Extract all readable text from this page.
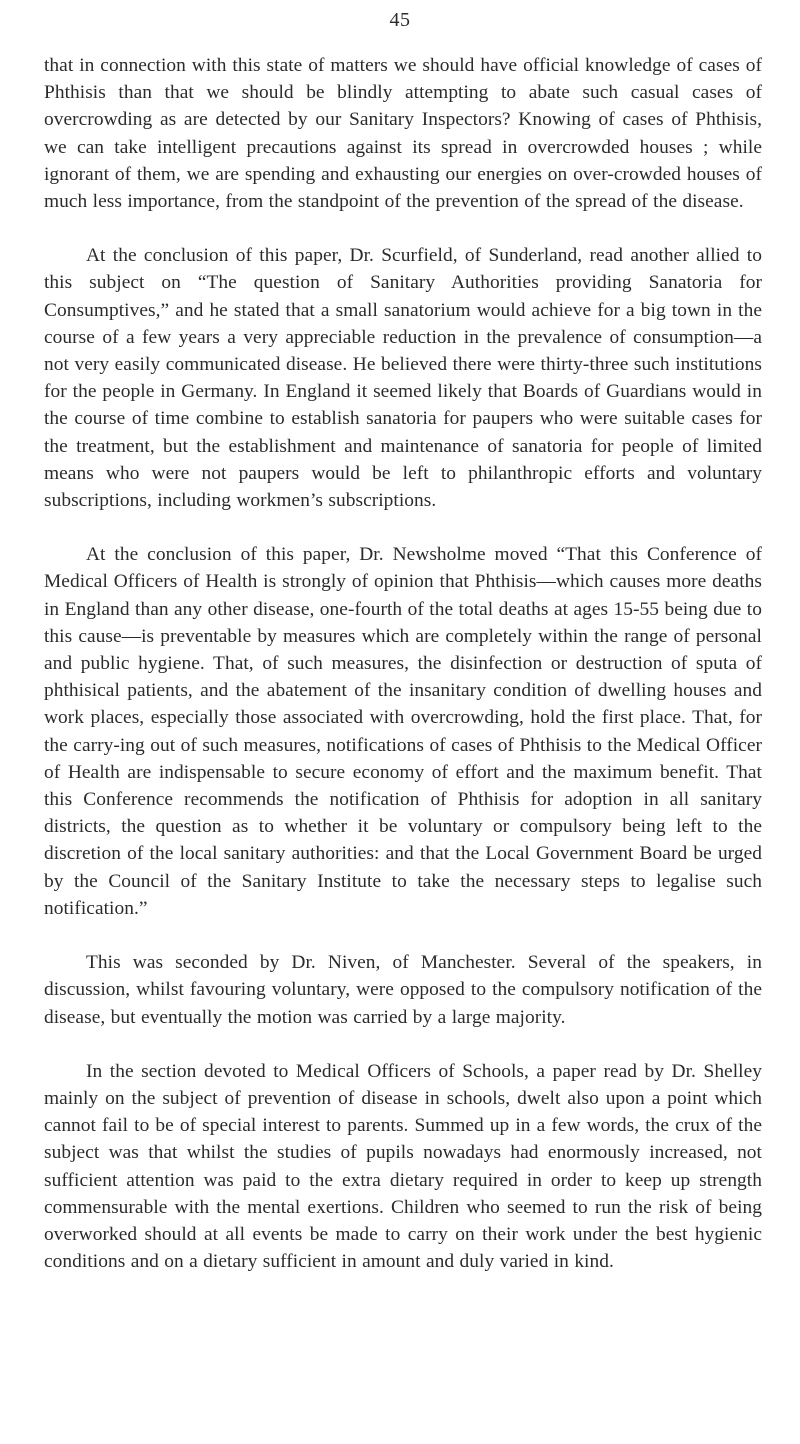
45

that in connection with this state of matters we should have official knowledge of cases of Phthisis than that we should be blindly attempting to abate such casual cases of overcrowding as are detected by our Sanitary Inspectors? Knowing of cases of Phthisis, we can take intelligent precautions against its spread in overcrowded houses ; while ignorant of them, we are spending and exhausting our energies on over-crowded houses of much less importance, from the standpoint of the prevention of the spread of the disease.

At the conclusion of this paper, Dr. Scurfield, of Sunderland, read another allied to this subject on “The question of Sanitary Authorities providing Sanatoria for Consumptives,” and he stated that a small sanatorium would achieve for a big town in the course of a few years a very appreciable reduction in the prevalence of consumption—a not very easily communicated disease. He believed there were thirty-three such institutions for the people in Germany. In England it seemed likely that Boards of Guardians would in the course of time combine to establish sanatoria for paupers who were suitable cases for the treatment, but the establishment and maintenance of sanatoria for people of limited means who were not paupers would be left to philanthropic efforts and voluntary subscriptions, including workmen’s subscriptions.

At the conclusion of this paper, Dr. Newsholme moved “That this Conference of Medical Officers of Health is strongly of opinion that Phthisis—which causes more deaths in England than any other disease, one-fourth of the total deaths at ages 15-55 being due to this cause—is preventable by measures which are completely within the range of personal and public hygiene. That, of such measures, the disinfection or destruction of sputa of phthisical patients, and the abatement of the insanitary condition of dwelling houses and work places, especially those associated with overcrowding, hold the first place. That, for the carry-ing out of such measures, notifications of cases of Phthisis to the Medical Officer of Health are indispensable to secure economy of effort and the maximum benefit. That this Conference recommends the notification of Phthisis for adoption in all sanitary districts, the question as to whether it be voluntary or compulsory being left to the discretion of the local sanitary authorities: and that the Local Government Board be urged by the Council of the Sanitary Institute to take the necessary steps to legalise such notification.”

This was seconded by Dr. Niven, of Manchester. Several of the speakers, in discussion, whilst favouring voluntary, were opposed to the compulsory notification of the disease, but eventually the motion was carried by a large majority.

In the section devoted to Medical Officers of Schools, a paper read by Dr. Shelley mainly on the subject of prevention of disease in schools, dwelt also upon a point which cannot fail to be of special interest to parents. Summed up in a few words, the crux of the subject was that whilst the studies of pupils nowadays had enormously increased, not sufficient attention was paid to the extra dietary required in order to keep up strength commensurable with the mental exertions. Children who seemed to run the risk of being overworked should at all events be made to carry on their work under the best hygienic conditions and on a dietary sufficient in amount and duly varied in kind.
